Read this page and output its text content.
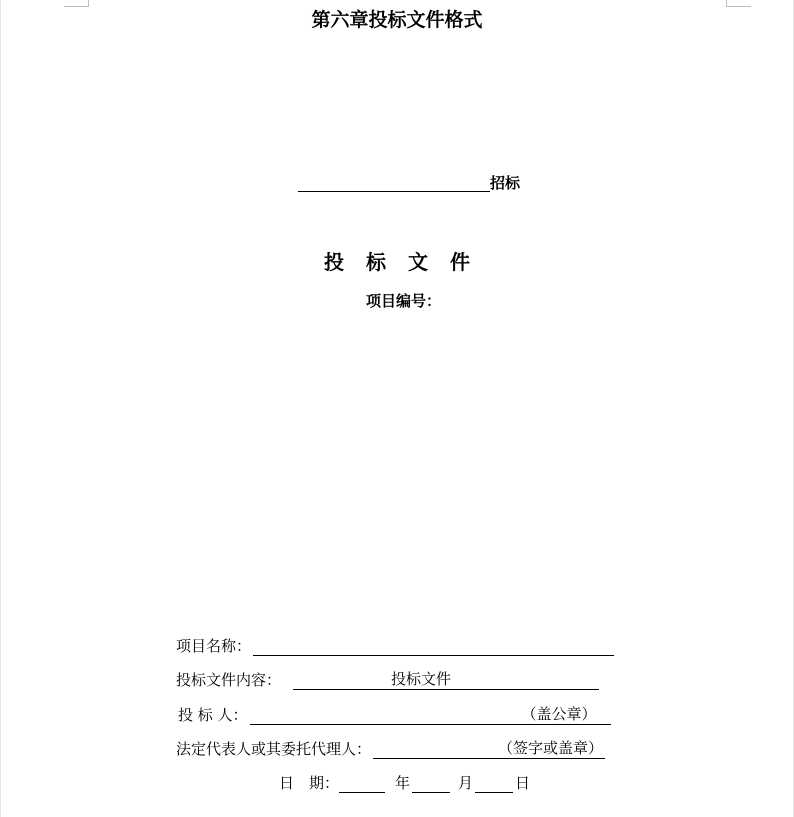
第六章投标文件格式
招标
投标文件
项目编号：
项目名称：
投标文件内容：	投标文件
投 标 人：	（盖公章）
法定代表人或其委托代理人：	（签字或盖章）
日　期：	年	月	日
